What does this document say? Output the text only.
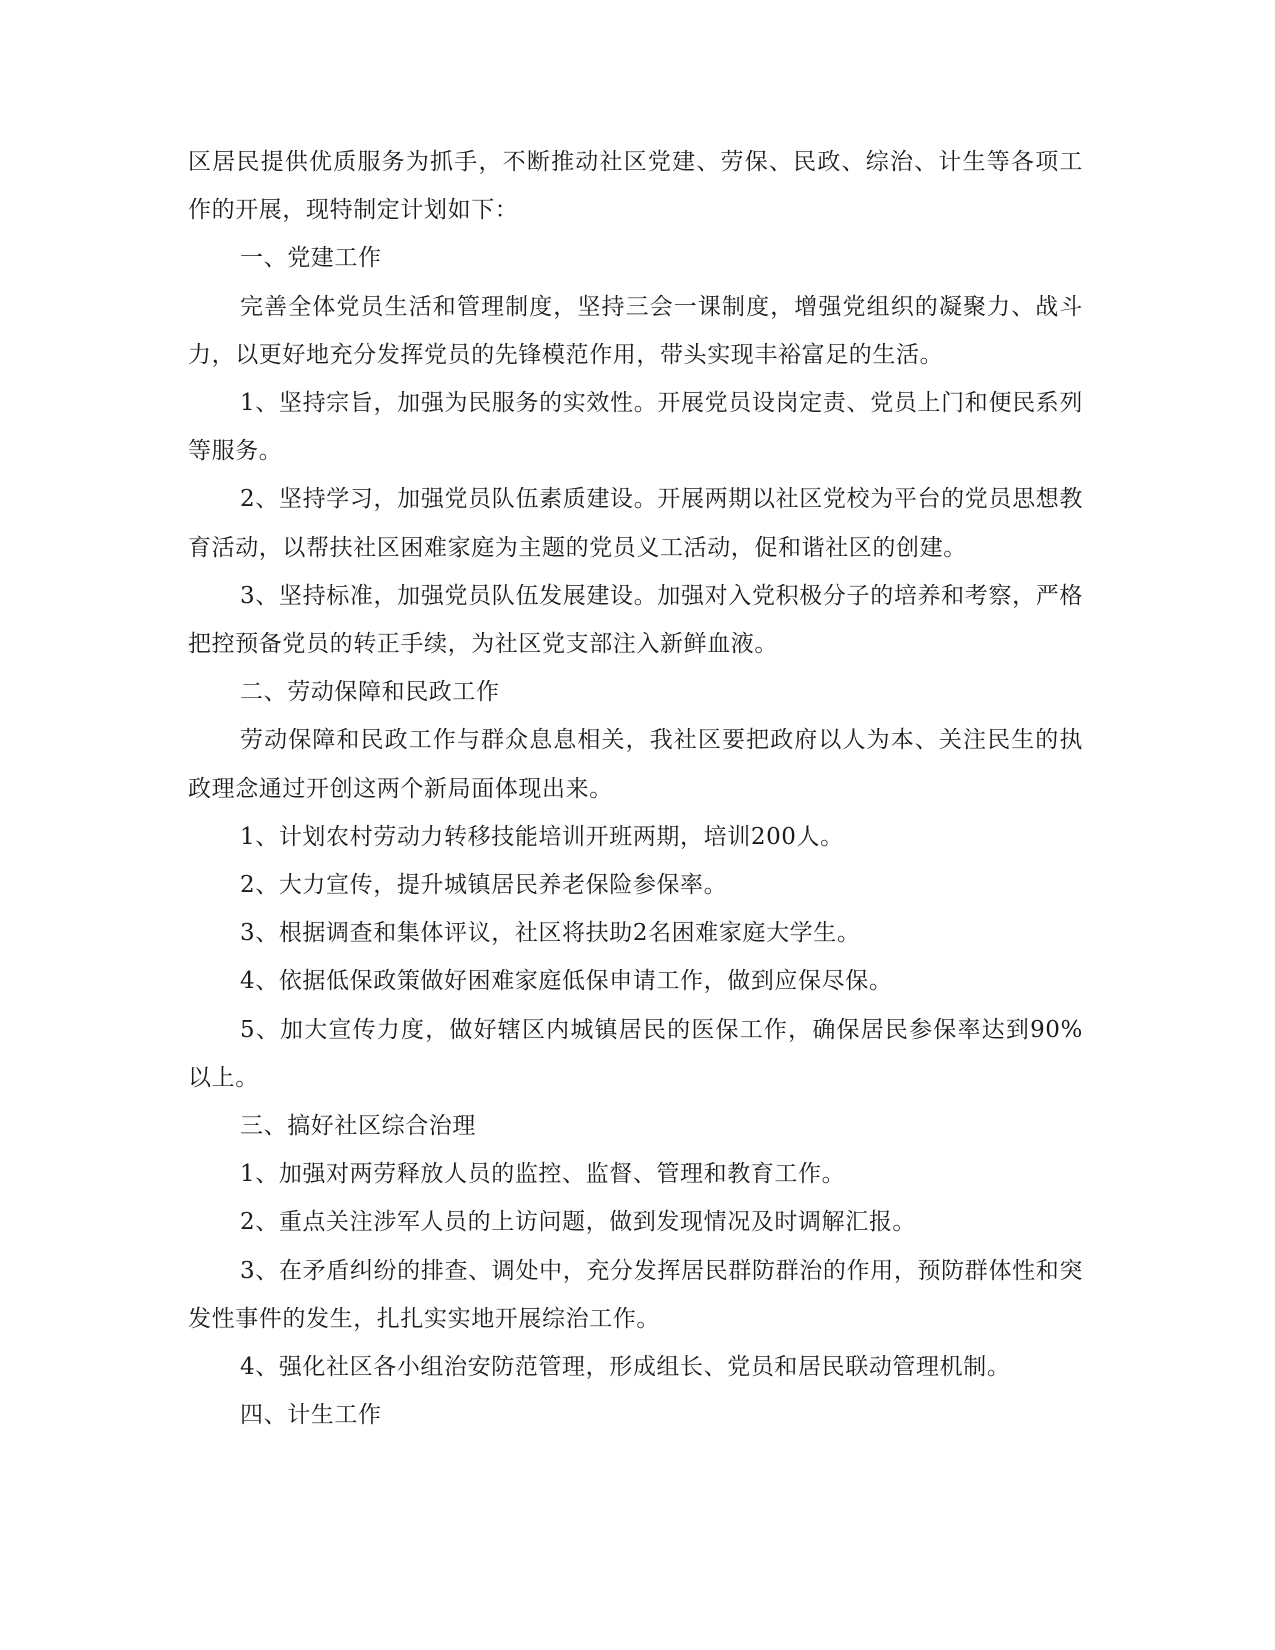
区居民提供优质服务为抓手，不断推动社区党建、劳保、民政、综治、计生等各项工作的开展，现特制定计划如下：

一、党建工作

完善全体党员生活和管理制度，坚持三会一课制度，增强党组织的凝聚力、战斗力，以更好地充分发挥党员的先锋模范作用，带头实现丰裕富足的生活。

1、坚持宗旨，加强为民服务的实效性。开展党员设岗定责、党员上门和便民系列等服务。

2、坚持学习，加强党员队伍素质建设。开展两期以社区党校为平台的党员思想教育活动，以帮扶社区困难家庭为主题的党员义工活动，促和谐社区的创建。

3、坚持标准，加强党员队伍发展建设。加强对入党积极分子的培养和考察，严格把控预备党员的转正手续，为社区党支部注入新鲜血液。

二、劳动保障和民政工作

劳动保障和民政工作与群众息息相关，我社区要把政府以人为本、关注民生的执政理念通过开创这两个新局面体现出来。

1、计划农村劳动力转移技能培训开班两期，培训200人。

2、大力宣传，提升城镇居民养老保险参保率。

3、根据调查和集体评议，社区将扶助2名困难家庭大学生。

4、依据低保政策做好困难家庭低保申请工作，做到应保尽保。

5、加大宣传力度，做好辖区内城镇居民的医保工作，确保居民参保率达到90%以上。

三、搞好社区综合治理

1、加强对两劳释放人员的监控、监督、管理和教育工作。

2、重点关注涉军人员的上访问题，做到发现情况及时调解汇报。

3、在矛盾纠纷的排查、调处中，充分发挥居民群防群治的作用，预防群体性和突发性事件的发生，扎扎实实地开展综治工作。

4、强化社区各小组治安防范管理，形成组长、党员和居民联动管理机制。

四、计生工作
